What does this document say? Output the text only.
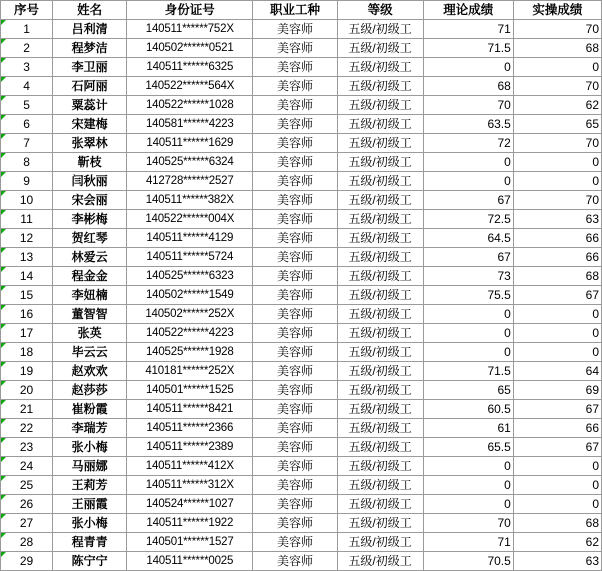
序号	姓名	身份证号	职业工种	等级	理论成绩	实操成绩

1	吕利清	140511******752X	美容师	五级/初级工	71	70

2	程梦洁	140502******0521	美容师	五级/初级工	71.5	68

3	李卫丽	140511******6325	美容师	五级/初级工	0	0

4	石阿丽	140522******564X	美容师	五级/初级工	68	70

5	粟蕊计	140522******1028	美容师	五级/初级工	70	62

6	宋建梅	140581******4223	美容师	五级/初级工	63.5	65

7	张翠林	140511******1629	美容师	五级/初级工	72	70

8	靳枝	140525******6324	美容师	五级/初级工	0	0

9	闫秋丽	412728******2527	美容师	五级/初级工	0	0

10	宋会丽	140511******382X	美容师	五级/初级工	67	70

11	李彬梅	140522******004X	美容师	五级/初级工	72.5	63

12	贺红琴	140511******4129	美容师	五级/初级工	64.5	66

13	林爱云	140511******5724	美容师	五级/初级工	67	66

14	程金金	140525******6323	美容师	五级/初级工	73	68

15	李妞楠	140502******1549	美容师	五级/初级工	75.5	67

16	董智智	140502******252X	美容师	五级/初级工	0	0

17	张英	140522******4223	美容师	五级/初级工	0	0

18	毕云云	140525******1928	美容师	五级/初级工	0	0

19	赵欢欢	410181******252X	美容师	五级/初级工	71.5	64

20	赵莎莎	140501******1525	美容师	五级/初级工	65	69

21	崔粉霞	140511******8421	美容师	五级/初级工	60.5	67

22	李瑞芳	140511******2366	美容师	五级/初级工	61	66

23	张小梅	140511******2389	美容师	五级/初级工	65.5	67

24	马丽娜	140511******412X	美容师	五级/初级工	0	0

25	王莉芳	140511******312X	美容师	五级/初级工	0	0

26	王丽霞	140524******1027	美容师	五级/初级工	0	0

27	张小梅	140511******1922	美容师	五级/初级工	70	68

28	程青青	140501******1527	美容师	五级/初级工	71	62

29	陈宁宁	140511******0025	美容师	五级/初级工	70.5	63
